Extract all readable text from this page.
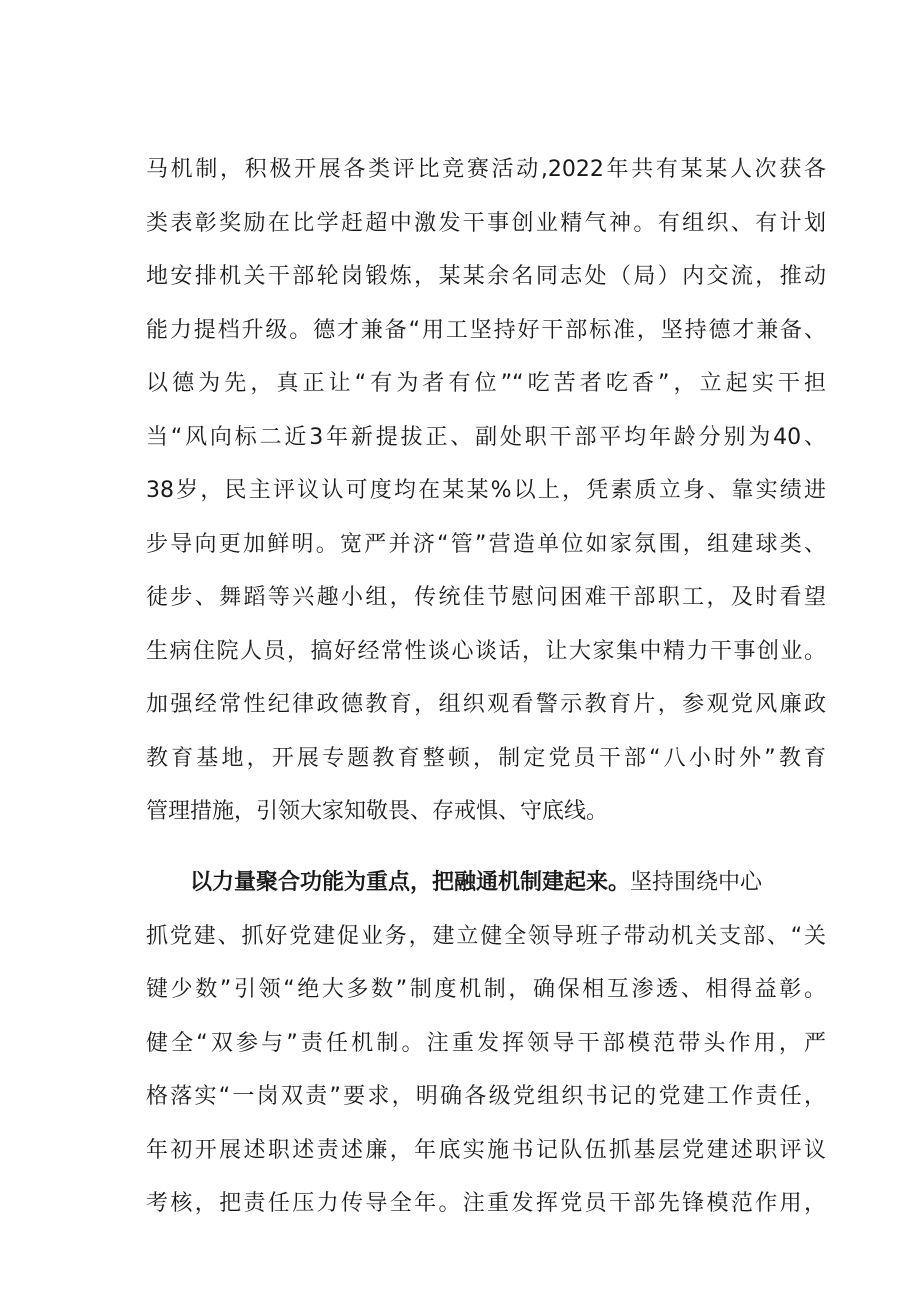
马机制，积极开展各类评比竞赛活动,2022年共有某某人次获各
类表彰奖励在比学赶超中激发干事创业精气神。有组织、有计划
地安排机关干部轮岗锻炼，某某余名同志处（局）内交流，推动
能力提档升级。德才兼备“用工坚持好干部标准，坚持德才兼备、
以德为先，真正让“有为者有位”“吃苦者吃香”，立起实干担
当“风向标二近3年新提拔正、副处职干部平均年龄分别为40、
38岁，民主评议认可度均在某某%以上，凭素质立身、靠实绩进
步导向更加鲜明。宽严并济“管”营造单位如家氛围，组建球类、
徒步、舞蹈等兴趣小组，传统佳节慰问困难干部职工，及时看望
生病住院人员，搞好经常性谈心谈话，让大家集中精力干事创业。
加强经常性纪律政德教育，组织观看警示教育片，参观党风廉政
教育基地，开展专题教育整顿，制定党员干部“八小时外”教育
管理措施，引领大家知敬畏、存戒惧、守底线。
以力量聚合功能为重点，把融通机制建起来。坚持围绕中心
抓党建、抓好党建促业务，建立健全领导班子带动机关支部、“关
键少数”引领“绝大多数”制度机制，确保相互渗透、相得益彰。
健全“双参与”责任机制。注重发挥领导干部模范带头作用，严
格落实“一岗双责”要求，明确各级党组织书记的党建工作责任，
年初开展述职述责述廉，年底实施书记队伍抓基层党建述职评议
考核，把责任压力传导全年。注重发挥党员干部先锋模范作用，
